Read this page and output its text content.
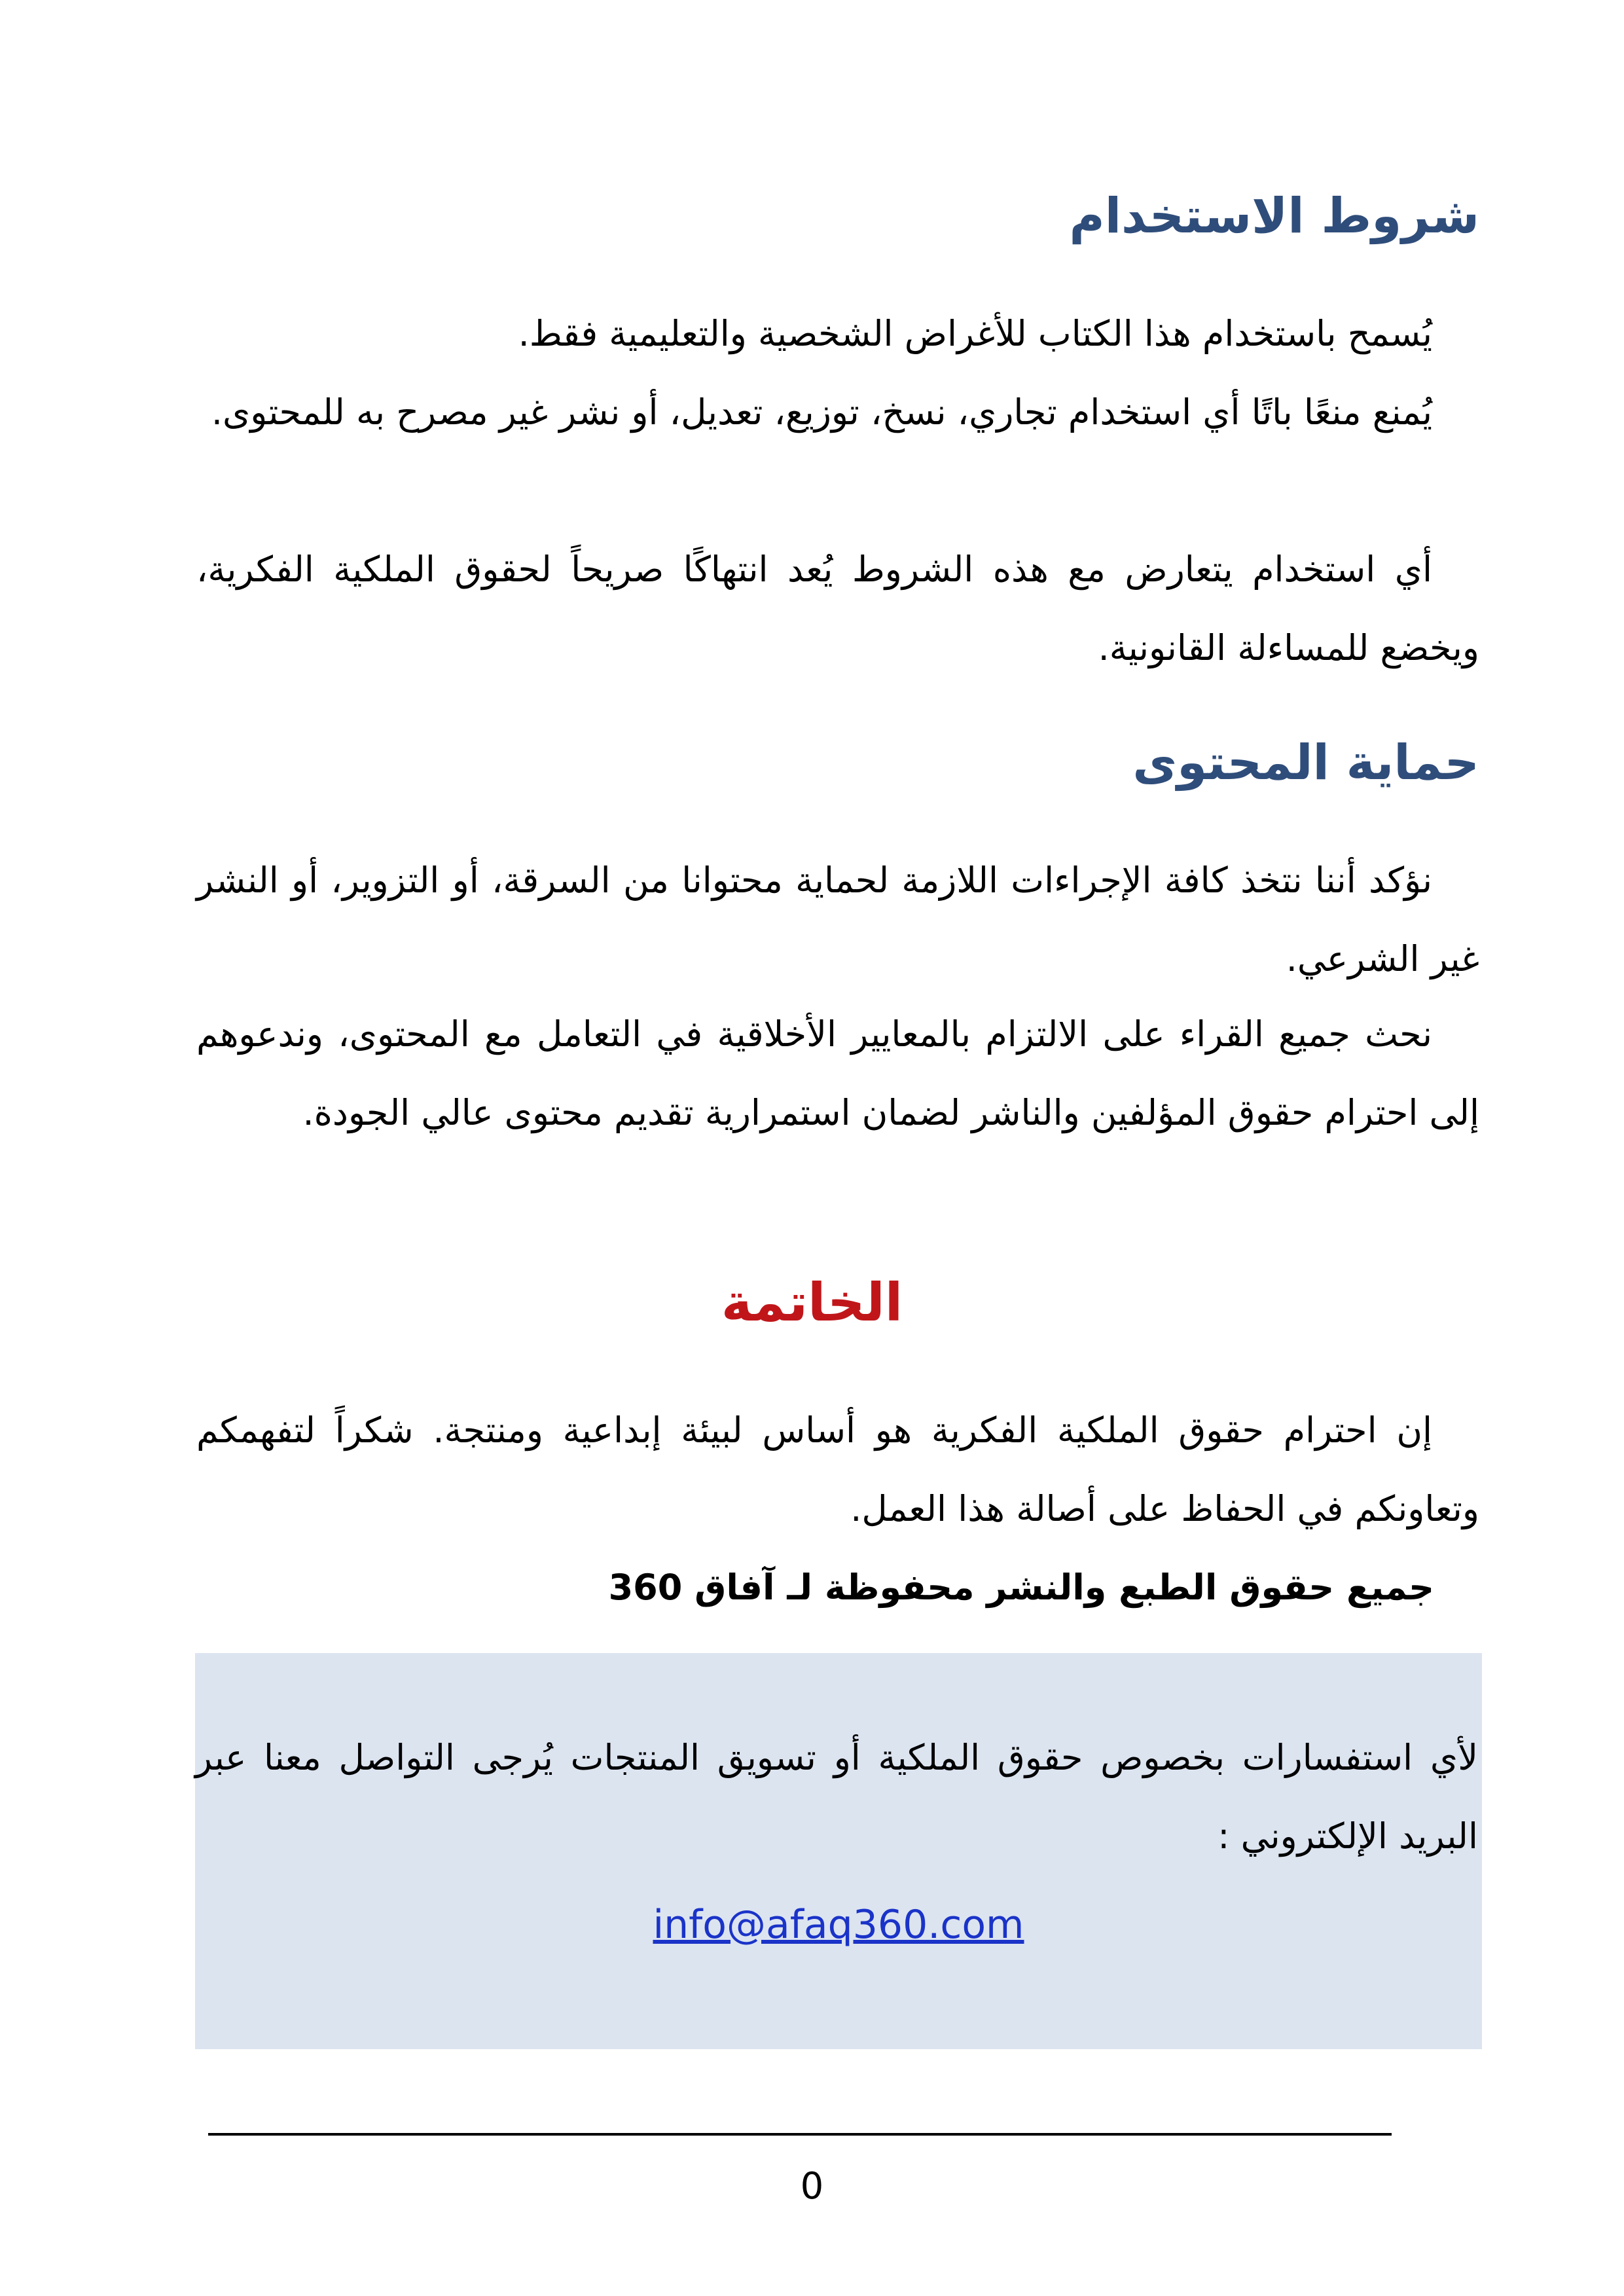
شروط الاستخدام

يُسمح باستخدام هذا الكتاب للأغراض الشخصية والتعليمية فقط.

يُمنع منعًا باتًا أي استخدام تجاري، نسخ، توزيع، تعديل، أو نشر غير مصرح به للمحتوى.

أي استخدام يتعارض مع هذه الشروط يُعد انتهاكًا صريحاً لحقوق الملكية الفكرية، ويخضع للمساءلة القانونية.

حماية المحتوى

نؤكد أننا نتخذ كافة الإجراءات اللازمة لحماية محتوانا من السرقة، أو التزوير، أو النشر غير الشرعي.

نحث جميع القراء على الالتزام بالمعايير الأخلاقية في التعامل مع المحتوى، وندعوهم إلى احترام حقوق المؤلفين والناشر لضمان استمرارية تقديم محتوى عالي الجودة.

الخاتمة

إن احترام حقوق الملكية الفكرية هو أساس لبيئة إبداعية ومنتجة. شكراً لتفهمكم وتعاونكم في الحفاظ على أصالة هذا العمل.

جميع حقوق الطبع والنشر محفوظة لـ آفاق 360

لأي استفسارات بخصوص حقوق الملكية أو تسويق المنتجات يُرجى التواصل معنا عبر البريد الإلكتروني :

info@afaq360.com
0
